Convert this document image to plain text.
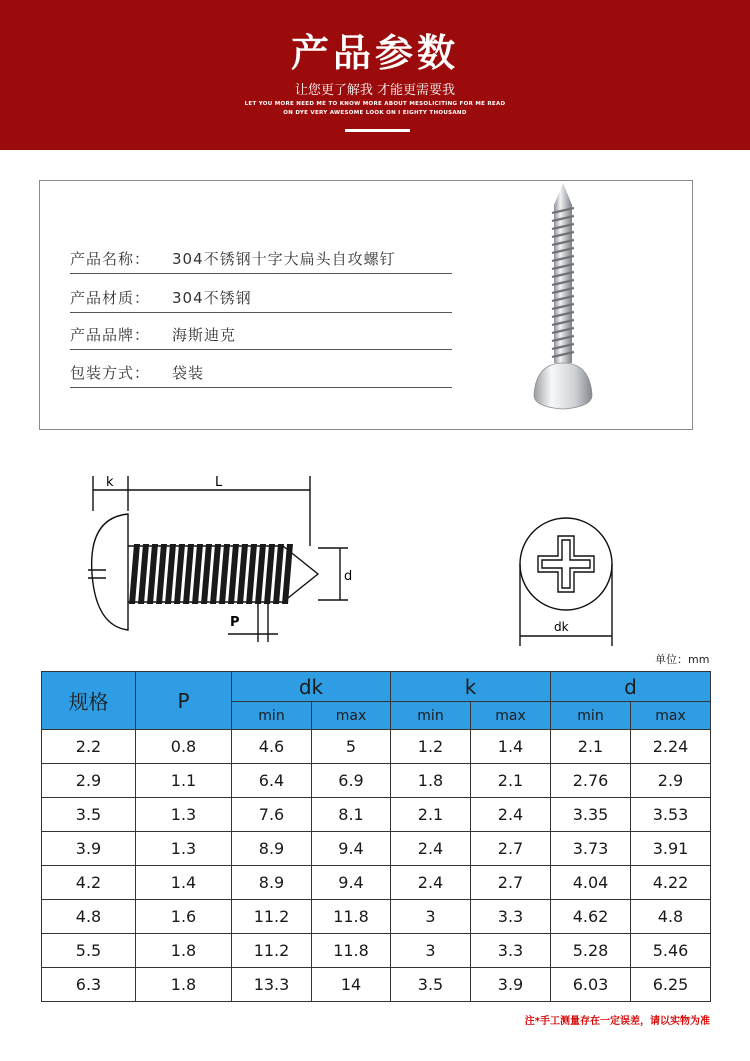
产品参数
让您更了解我 才能更需要我
LET YOU MORE NEED ME TO KNOW MORE ABOUT MESOLICITING FOR ME READ
ON DYE VERY AWESOME LOOK ON I EIGHTY THOUSAND
产品名称： 304不锈钢十字大扁头自攻螺钉
产品材质： 304不锈钢
产品品牌： 海斯迪克
包装方式： 袋装
k	L
d
P	dk
单位：mm
规格	P	dk		k		d	
		min	max	min	max	min	max
2.2	0.8	4.6	5	1.2	1.4	2.1	2.24
2.9	1.1	6.4	6.9	1.8	2.1	2.76	2.9
3.5	1.3	7.6	8.1	2.1	2.4	3.35	3.53
3.9	1.3	8.9	9.4	2.4	2.7	3.73	3.91
4.2	1.4	8.9	9.4	2.4	2.7	4.04	4.22
4.8	1.6	11.2	11.8	3	3.3	4.62	4.8
5.5	1.8	11.2	11.8	3	3.3	5.28	5.46
6.3	1.8	13.3	14	3.5	3.9	6.03	6.25
注*手工测量存在一定误差，请以实物为准
